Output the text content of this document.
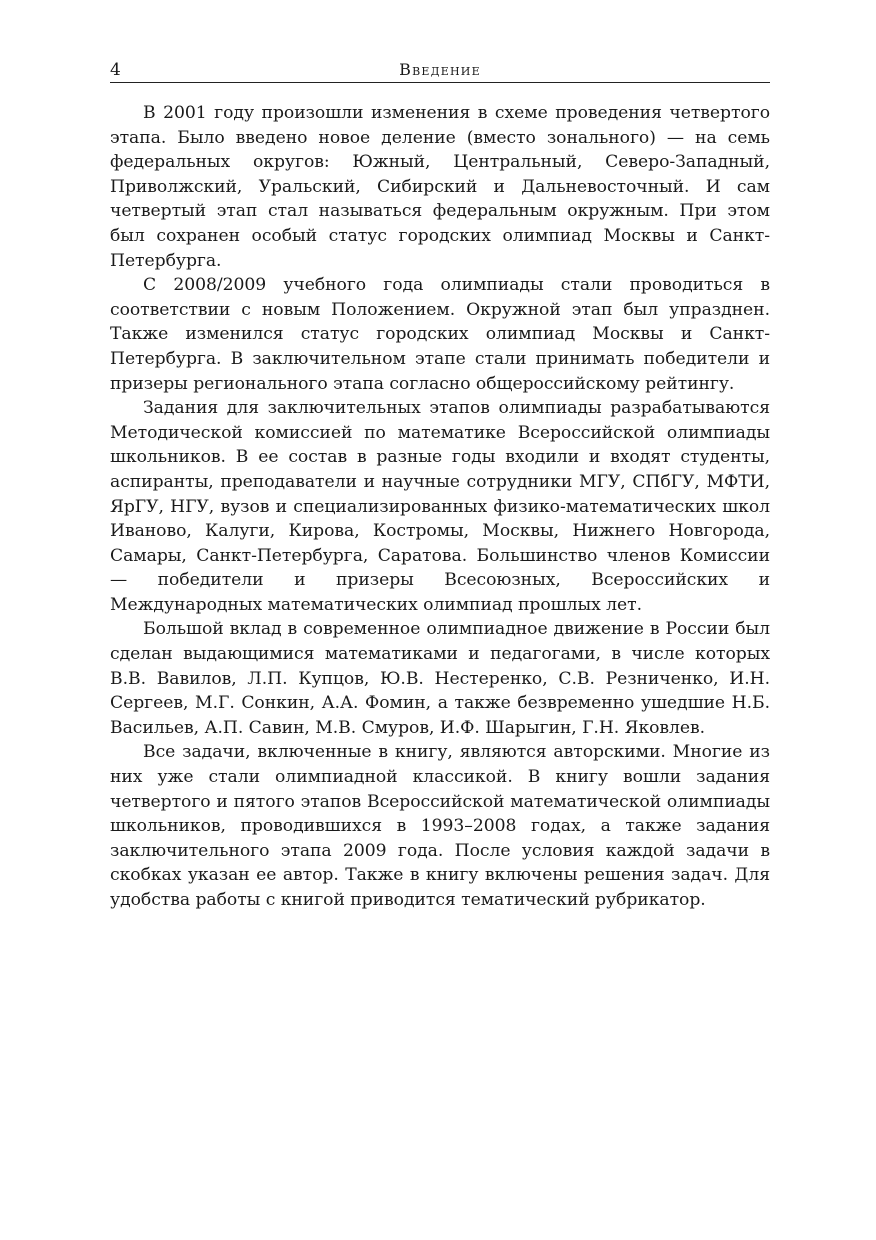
4	Введение

В 2001 году произошли изменения в схеме проведения четвертого этапа. Было введено новое деление (вместо зонального) — на семь федеральных округов: Южный, Центральный, Северо-Западный, Приволжский, Уральский, Сибирский и Дальневосточный. И сам четвертый этап стал называться федеральным окружным. При этом был сохранен особый статус городских олимпиад Москвы и Санкт-Петербурга.

С 2008/2009 учебного года олимпиады стали проводиться в соответствии с новым Положением. Окружной этап был упразднен. Также изменился статус городских олимпиад Москвы и Санкт-Петербурга. В заключительном этапе стали принимать победители и призеры регионального этапа согласно общероссийскому рейтингу.

Задания для заключительных этапов олимпиады разрабатываются Методической комиссией по математике Всероссийской олимпиады школьников. В ее состав в разные годы входили и входят студенты, аспиранты, преподаватели и научные сотрудники МГУ, СПбГУ, МФТИ, ЯрГУ, НГУ, вузов и специализированных физико-математических школ Иваново, Калуги, Кирова, Костромы, Москвы, Нижнего Новгорода, Самары, Санкт-Петербурга, Саратова. Большинство членов Комиссии — победители и призеры Всесоюзных, Всероссийских и Международных математических олимпиад прошлых лет.

Большой вклад в современное олимпиадное движение в России был сделан выдающимися математиками и педагогами, в числе которых В.В. Вавилов, Л.П. Купцов, Ю.В. Нестеренко, С.В. Резниченко, И.Н. Сергеев, М.Г. Сонкин, А.А. Фомин, а также безвременно ушедшие Н.Б. Васильев, А.П. Савин, М.В. Смуров, И.Ф. Шарыгин, Г.Н. Яковлев.

Все задачи, включенные в книгу, являются авторскими. Многие из них уже стали олимпиадной классикой. В книгу вошли задания четвертого и пятого этапов Всероссийской математической олимпиады школьников, проводившихся в 1993–2008 годах, а также задания заключительного этапа 2009 года. После условия каждой задачи в скобках указан ее автор. Также в книгу включены решения задач. Для удобства работы с книгой приводится тематический рубрикатор.
